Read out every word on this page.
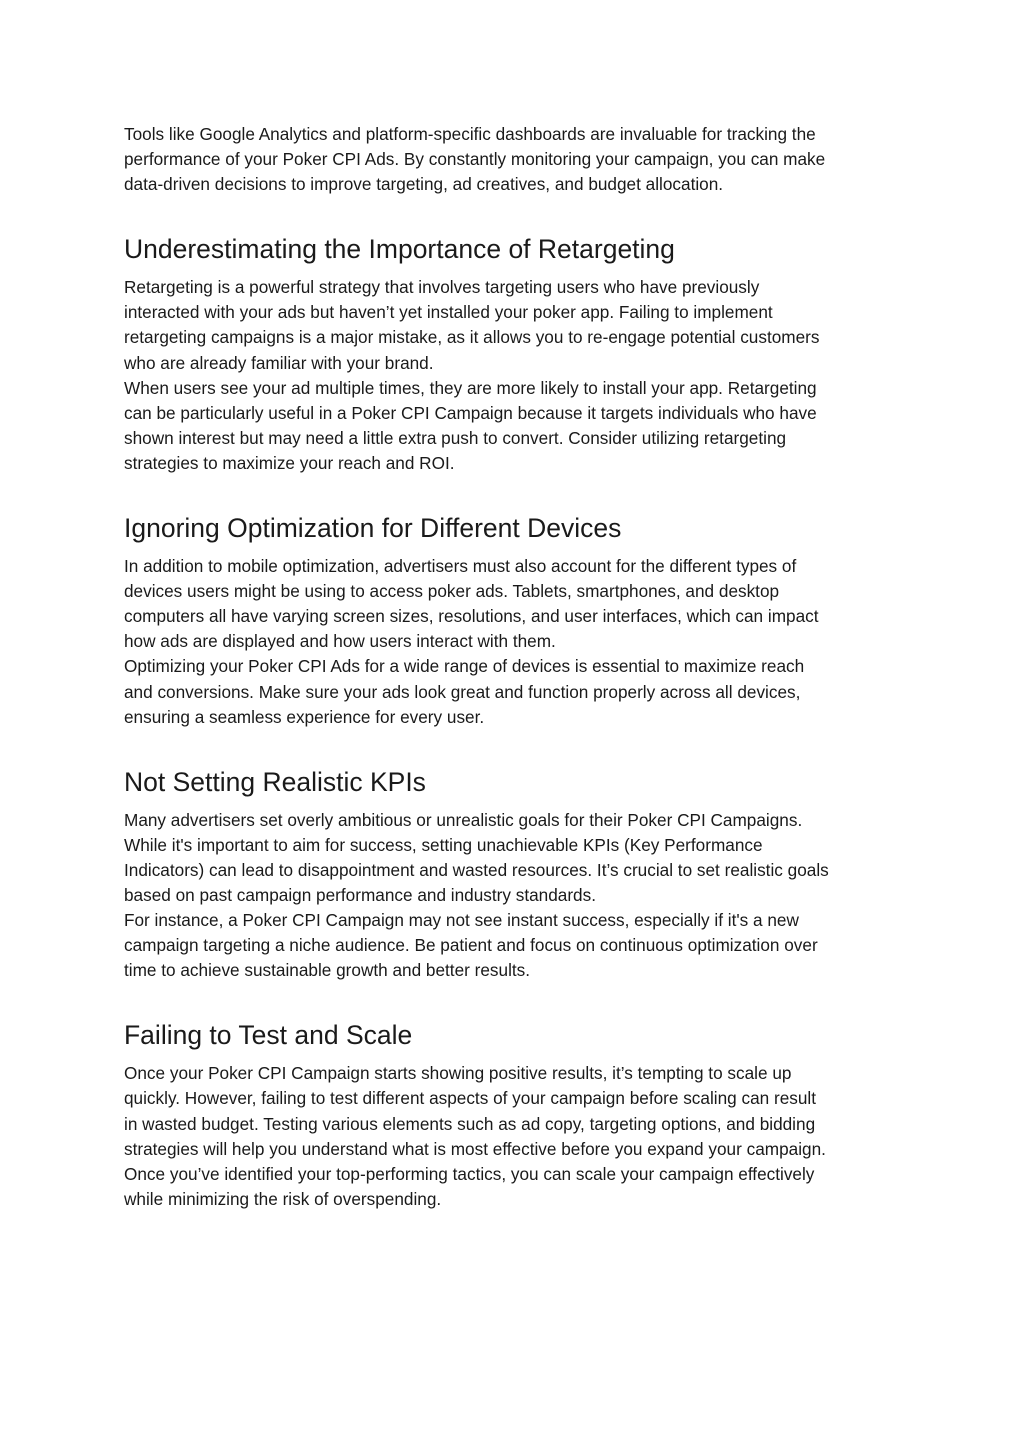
Tools like Google Analytics and platform-specific dashboards are invaluable for tracking the
performance of your Poker CPI Ads. By constantly monitoring your campaign, you can make
data-driven decisions to improve targeting, ad creatives, and budget allocation.
Underestimating the Importance of Retargeting
Retargeting is a powerful strategy that involves targeting users who have previously
interacted with your ads but haven’t yet installed your poker app. Failing to implement
retargeting campaigns is a major mistake, as it allows you to re-engage potential customers
who are already familiar with your brand.
When users see your ad multiple times, they are more likely to install your app. Retargeting
can be particularly useful in a Poker CPI Campaign because it targets individuals who have
shown interest but may need a little extra push to convert. Consider utilizing retargeting
strategies to maximize your reach and ROI.
Ignoring Optimization for Different Devices
In addition to mobile optimization, advertisers must also account for the different types of
devices users might be using to access poker ads. Tablets, smartphones, and desktop
computers all have varying screen sizes, resolutions, and user interfaces, which can impact
how ads are displayed and how users interact with them.
Optimizing your Poker CPI Ads for a wide range of devices is essential to maximize reach
and conversions. Make sure your ads look great and function properly across all devices,
ensuring a seamless experience for every user.
Not Setting Realistic KPIs
Many advertisers set overly ambitious or unrealistic goals for their Poker CPI Campaigns.
While it's important to aim for success, setting unachievable KPIs (Key Performance
Indicators) can lead to disappointment and wasted resources. It’s crucial to set realistic goals
based on past campaign performance and industry standards.
For instance, a Poker CPI Campaign may not see instant success, especially if it's a new
campaign targeting a niche audience. Be patient and focus on continuous optimization over
time to achieve sustainable growth and better results.
Failing to Test and Scale
Once your Poker CPI Campaign starts showing positive results, it’s tempting to scale up
quickly. However, failing to test different aspects of your campaign before scaling can result
in wasted budget. Testing various elements such as ad copy, targeting options, and bidding
strategies will help you understand what is most effective before you expand your campaign.
Once you’ve identified your top-performing tactics, you can scale your campaign effectively
while minimizing the risk of overspending.
